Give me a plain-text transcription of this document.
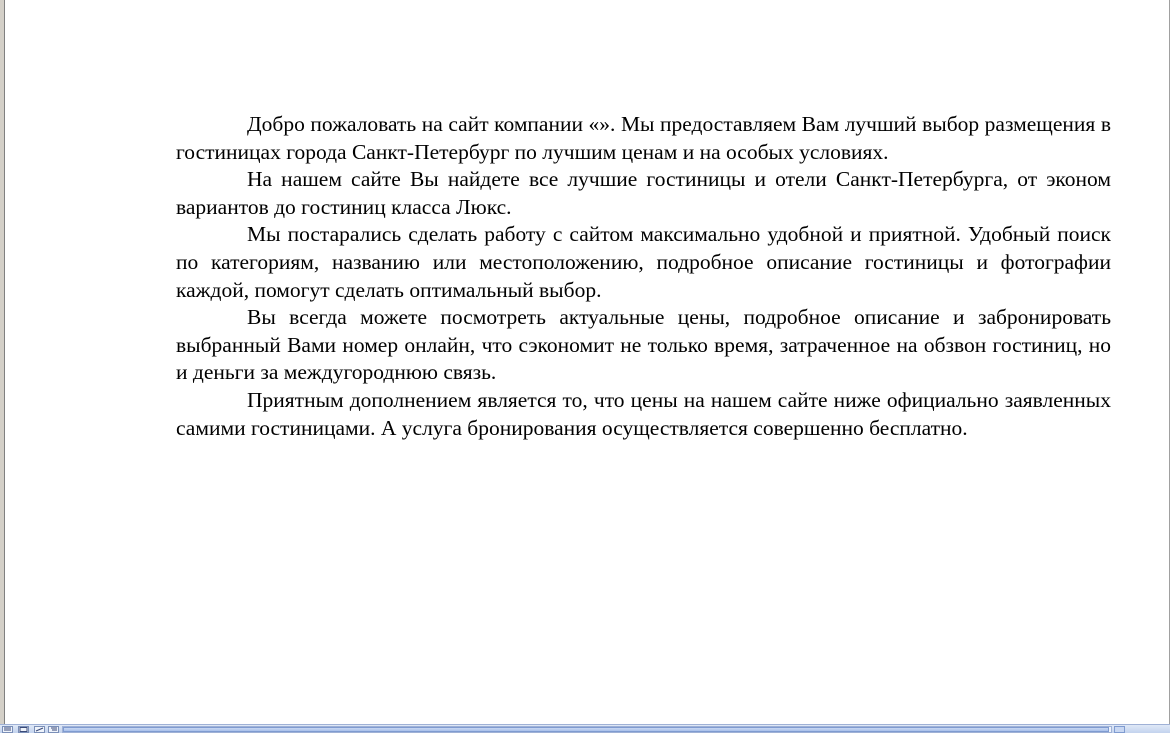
Добро пожаловать на сайт компании «». Мы предоставляем Вам лучший выбор размещения в гостиницах города Санкт-Петербург по лучшим ценам и на особых условиях.

На нашем сайте Вы найдете все лучшие гостиницы и отели Санкт-Петербурга, от эконом вариантов до гостиниц класса Люкс.

Мы постарались сделать работу с сайтом максимально удобной и приятной. Удобный поиск по категориям, названию или местоположению, подробное описание гостиницы и фотографии каждой, помогут сделать оптимальный выбор.

Вы всегда можете посмотреть актуальные цены, подробное описание и забронировать выбранный Вами номер онлайн, что сэкономит не только время, затраченное на обзвон гостиниц, но и деньги за междугороднюю связь.

Приятным дополнением является то, что цены на нашем сайте ниже официально заявленных самими гостиницами. А услуга бронирования осуществляется совершенно бесплатно.
